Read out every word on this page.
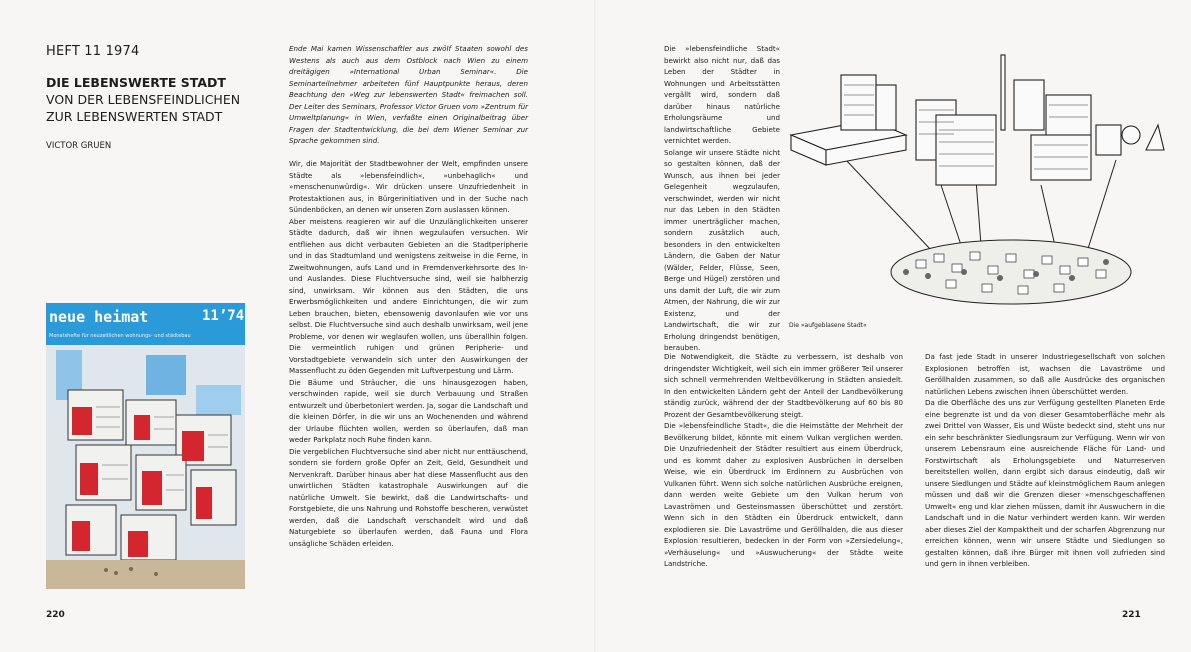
HEFT 11 1974
DIE LEBENSWERTE STADT
VON DER LEBENSFEINDLICHEN
ZUR LEBENSWERTEN STADT
VICTOR GRUEN
neue heimat	11’74
Monatshefte für neuzeitlichen wohnungs- und städtebau

Ende Mai kamen Wissenschaftler aus zwölf Staaten sowohl des Westens als auch aus dem Ostblock nach Wien zu einem dreitägigen »International Urban Seminar«. Die Seminarteilnehmer arbeiteten fünf Hauptpunkte heraus, deren Beachtung den »Weg zur lebenswerten Stadt« freimachen soll. Der Leiter des Seminars, Professor Victor Gruen vom »Zentrum für Umweltplanung« in Wien, verfaßte einen Originalbeitrag über Fragen der Stadtentwicklung, die bei dem Wiener Seminar zur Sprache gekommen sind.

Wir, die Majorität der Stadtbewohner der Welt, empfinden unsere Städte als »lebensfeindlich«, »unbehaglich« und »menschenunwürdig«. Wir drücken unsere Unzufriedenheit in Protestaktionen aus, in Bürgerinitiativen und in der Suche nach Sündenböcken, an denen wir unseren Zorn auslassen können.

Aber meistens reagieren wir auf die Unzulänglichkeiten unserer Städte dadurch, daß wir ihnen wegzulaufen versuchen. Wir entfliehen aus dicht verbauten Gebieten an die Stadtperipherie und in das Stadtumland und wenigstens zeitweise in die Ferne, in Zweitwohnungen, aufs Land und in Fremdenverkehrsorte des In- und Auslandes. Diese Fluchtversuche sind, weil sie halbherzig sind, unwirksam. Wir können aus den Städten, die uns Erwerbsmöglichkeiten und andere Einrichtungen, die wir zum Leben brauchen, bieten, ebensowenig davonlaufen wie vor uns selbst. Die Fluchtversuche sind auch deshalb unwirksam, weil jene Probleme, vor denen wir weglaufen wollen, uns überallhin folgen. Die vermeintlich ruhigen und grünen Peripherie- und Vorstadtgebiete verwandeln sich unter den Auswirkungen der Massenflucht zu öden Gegenden mit Luftverpestung und Lärm.

Die Bäume und Sträucher, die uns hinausgezogen haben, verschwinden rapide, weil sie durch Verbauung und Straßen entwurzelt und überbetoniert werden. Ja, sogar die Landschaft und die kleinen Dörfer, in die wir uns an Wochenenden und während der Urlaube flüchten wollen, werden so überlaufen, daß man weder Parkplatz noch Ruhe finden kann.

Die vergeblichen Fluchtversuche sind aber nicht nur enttäuschend, sondern sie fordern große Opfer an Zeit, Geld, Gesundheit und Nervenkraft. Darüber hinaus aber hat diese Massenflucht aus den unwirtlichen Städten katastrophale Auswirkungen auf die natürliche Umwelt. Sie bewirkt, daß die Landwirtschafts- und Forstgebiete, die uns Nahrung und Rohstoffe bescheren, verwüstet werden, daß die Landschaft verschandelt wird und daß Naturgebiete so überlaufen werden, daß Fauna und Flora unsägliche Schäden erleiden.

220

Die »lebensfeindliche Stadt« bewirkt also nicht nur, daß das Leben der Städter in Wohnungen und Arbeitsstätten vergällt wird, sondern daß darüber hinaus natürliche Erholungsräume und landwirtschaftliche Gebiete vernichtet werden.

Solange wir unsere Städte nicht so gestalten können, daß der Wunsch, aus ihnen bei jeder Gelegenheit wegzulaufen, verschwindet, werden wir nicht nur das Leben in den Städten immer unerträglicher machen, sondern zusätzlich auch, besonders in den entwickelten Ländern, die Gaben der Natur (Wälder, Felder, Flüsse, Seen, Berge und Hügel) zerstören und uns damit der Luft, die wir zum Atmen, der Nahrung, die wir zur Existenz, und der Landwirtschaft, die wir zur Erholung dringendst benötigen, berauben.

Die »aufgeblasene Stadt«

Die Notwendigkeit, die Städte zu verbessern, ist deshalb von dringendster Wichtigkeit, weil sich ein immer größerer Teil unserer sich schnell vermehrenden Weltbevölkerung in Städten ansiedelt. In den entwickelten Ländern geht der Anteil der Landbevölkerung ständig zurück, während der der Stadtbevölkerung auf 60 bis 80 Prozent der Gesamtbevölkerung steigt.

Die »lebensfeindliche Stadt«, die die Heimstätte der Mehrheit der Bevölkerung bildet, könnte mit einem Vulkan verglichen werden. Die Unzufriedenheit der Städter resultiert aus einem Überdruck, und es kommt daher zu explosiven Ausbrüchen in derselben Weise, wie ein Überdruck im Erdinnern zu Ausbrüchen von Vulkanen führt. Wenn sich solche natürlichen Ausbrüche ereignen, dann werden weite Gebiete um den Vulkan herum von Lavaströmen und Gesteinsmassen überschüttet und zerstört. Wenn sich in den Städten ein Überdruck entwickelt, dann explodieren sie. Die Lavaströme und Geröllhalden, die aus dieser Explosion resultieren, bedecken in der Form von »Zersiedelung«, »Verhäuselung« und »Auswucherung« der Städte weite Landstriche.

Da fast jede Stadt in unserer Industriegesellschaft von solchen Explosionen betroffen ist, wachsen die Lavaströme und Geröllhalden zusammen, so daß alle Ausdrücke des organischen natürlichen Lebens zwischen ihnen überschüttet werden.

Da die Oberfläche des uns zur Verfügung gestellten Planeten Erde eine begrenzte ist und da von dieser Gesamtoberfläche mehr als zwei Drittel von Wasser, Eis und Wüste bedeckt sind, steht uns nur ein sehr beschränkter Siedlungsraum zur Verfügung. Wenn wir von unserem Lebensraum eine ausreichende Fläche für Land- und Forstwirtschaft als Erholungsgebiete und Naturreserven bereitstellen wollen, dann ergibt sich daraus eindeutig, daß wir unsere Siedlungen und Städte auf kleinstmöglichem Raum anlegen müssen und daß wir die Grenzen dieser »menschgeschaffenen Umwelt« eng und klar ziehen müssen, damit ihr Auswuchern in die Landschaft und in die Natur verhindert werden kann. Wir werden aber dieses Ziel der Kompaktheit und der scharfen Abgrenzung nur erreichen können, wenn wir unsere Städte und Siedlungen so gestalten können, daß ihre Bürger mit ihnen voll zufrieden sind und gern in ihnen verbleiben.

221
